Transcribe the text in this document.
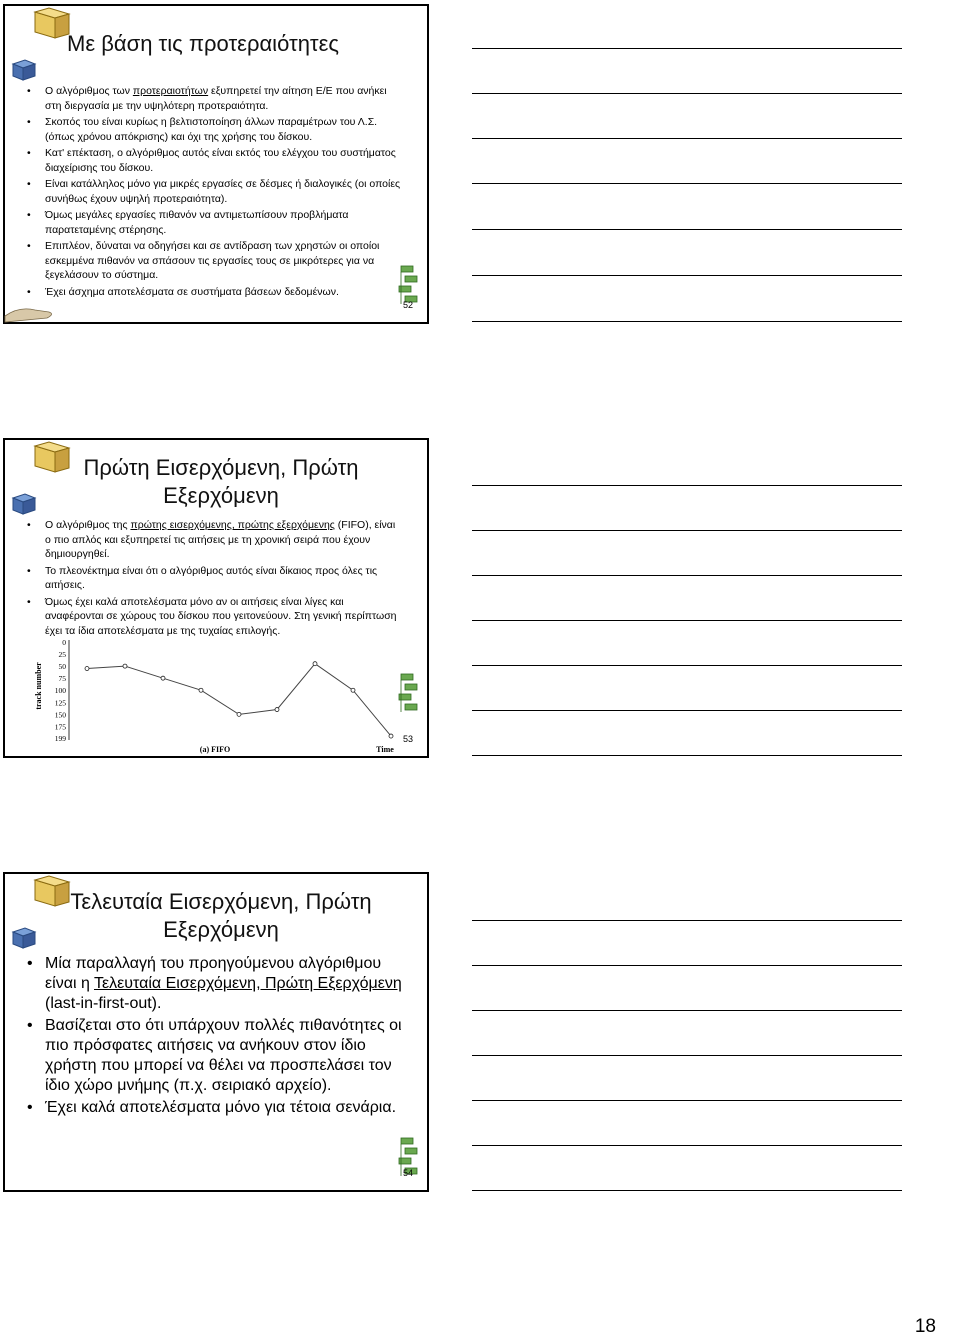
Με βάση τις προτεραιότητες
• Ο αλγόριθμος των προτεραιοτήτων εξυπηρετεί την αίτηση Ε/Ε που ανήκει στη διεργασία με την υψηλότερη προτεραιότητα.
• Σκοπός του είναι κυρίως η βελτιστοποίηση άλλων παραμέτρων του Λ.Σ. (όπως χρόνου απόκρισης) και όχι της χρήσης του δίσκου.
• Κατ' επέκταση, ο αλγόριθμος αυτός είναι εκτός του ελέγχου του συστήματος διαχείρισης του δίσκου.
• Είναι κατάλληλος μόνο για μικρές εργασίες σε δέσμες ή διαλογικές (οι οποίες συνήθως έχουν υψηλή προτεραιότητα).
• Όμως μεγάλες εργασίες πιθανόν να αντιμετωπίσουν προβλήματα παρατεταμένης στέρησης.
• Επιπλέον, δύναται να οδηγήσει και σε αντίδραση των χρηστών οι οποίοι εσκεμμένα πιθανόν να σπάσουν τις εργασίες τους σε μικρότερες για να ξεγελάσουν το σύστημα.
• Έχει άσχημα αποτελέσματα σε συστήματα βάσεων δεδομένων.
52
Πρώτη Εισερχόμενη, Πρώτη Εξερχόμενη
• Ο αλγόριθμος της πρώτης εισερχόμενης, πρώτης εξερχόμενης (FIFO), είναι ο πιο απλός και εξυπηρετεί τις αιτήσεις με τη χρονική σειρά που έχουν δημιουργηθεί.
• Το πλεονέκτημα είναι ότι ο αλγόριθμος αυτός είναι δίκαιος προς όλες τις αιτήσεις.
• Όμως έχει καλά αποτελέσματα μόνο αν οι αιτήσεις είναι λίγες και αναφέρονται σε χώρους του δίσκου που γειτονεύουν. Στη γενική περίπτωση έχει τα ίδια αποτελέσματα με της τυχαίας επιλογής.
track number
0
25
50
75
100
125
150
175
199
(a) FIFO	Time
53
Τελευταία Εισερχόμενη, Πρώτη Εξερχόμενη
• Μία παραλλαγή του προηγούμενου αλγόριθμου είναι η Τελευταία Εισερχόμενη, Πρώτη Εξερχόμενη (last-in-first-out).
• Βασίζεται στο ότι υπάρχουν πολλές πιθανότητες οι πιο πρόσφατες αιτήσεις να ανήκουν στον ίδιο χρήστη που μπορεί να θέλει να προσπελάσει τον ίδιο χώρο μνήμης (π.χ. σειριακό αρχείο).
• Έχει καλά αποτελέσματα μόνο για τέτοια σενάρια.
54
18
